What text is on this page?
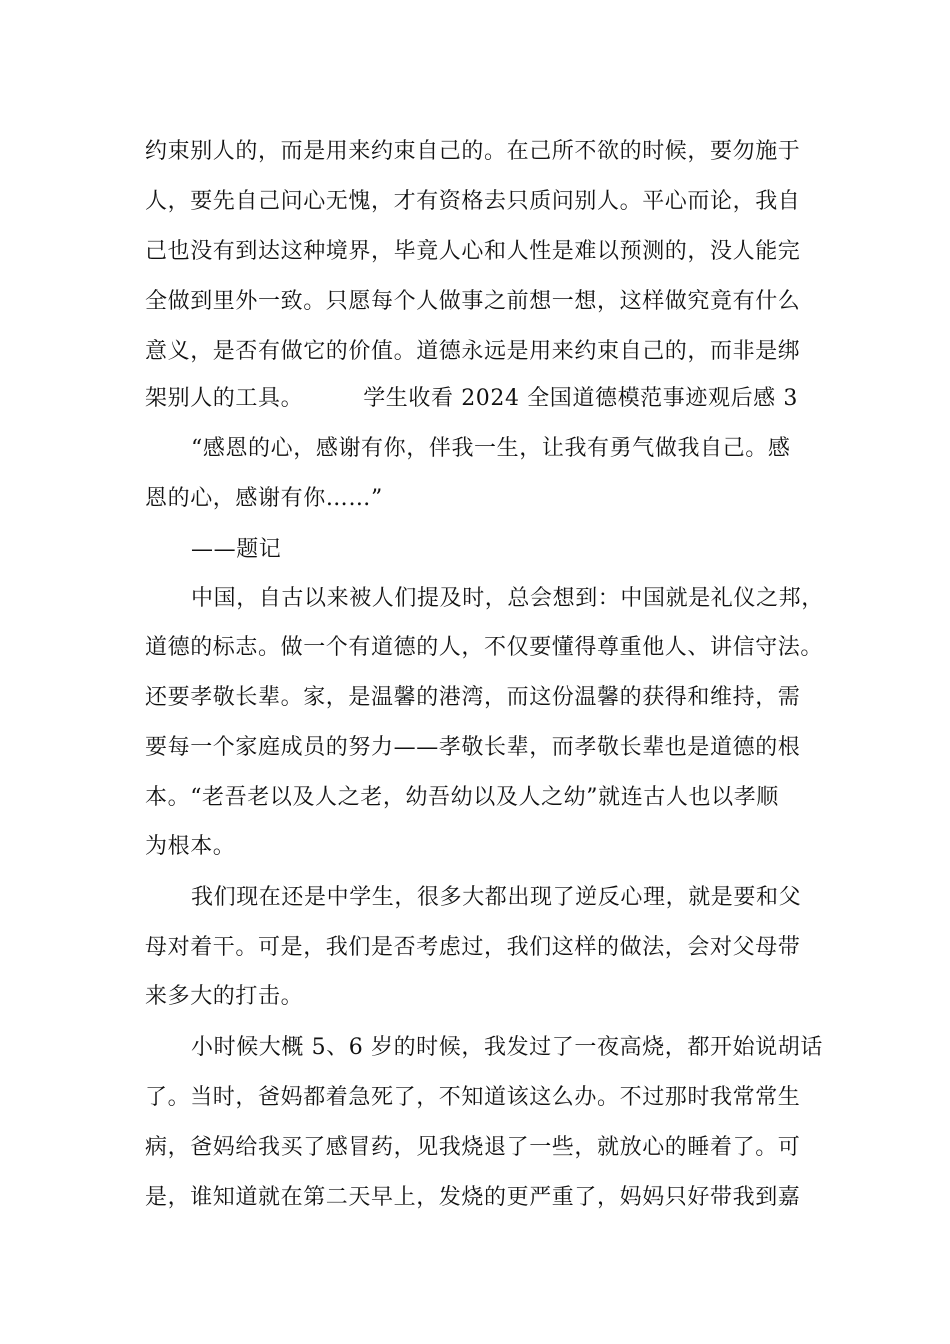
约束别人的，而是用来约束自己的。在己所不欲的时候，要勿施于
人，要先自己问心无愧，才有资格去只质问别人。平心而论，我自
己也没有到达这种境界，毕竟人心和人性是难以预测的，没人能完
全做到里外一致。只愿每个人做事之前想一想，这样做究竟有什么
意义，是否有做它的价值。道德永远是用来约束自己的，而非是绑
架别人的工具。	学生收看 2024 全国道德模范事迹观后感 3
“感恩的心，感谢有你，伴我一生，让我有勇气做我自己。感
恩的心，感谢有你……”
——题记
中国，自古以来被人们提及时，总会想到：中国就是礼仪之邦，
道德的标志。做一个有道德的人，不仅要懂得尊重他人、讲信守法。
还要孝敬长辈。家，是温馨的港湾，而这份温馨的获得和维持，需
要每一个家庭成员的努力——孝敬长辈，而孝敬长辈也是道德的根
本。“老吾老以及人之老，幼吾幼以及人之幼”就连古人也以孝顺
为根本。
我们现在还是中学生，很多大都出现了逆反心理，就是要和父
母对着干。可是，我们是否考虑过，我们这样的做法，会对父母带
来多大的打击。
小时候大概 5、6 岁的时候，我发过了一夜高烧，都开始说胡话
了。当时，爸妈都着急死了，不知道该这么办。不过那时我常常生
病，爸妈给我买了感冒药，见我烧退了一些，就放心的睡着了。可
是，谁知道就在第二天早上，发烧的更严重了，妈妈只好带我到嘉
